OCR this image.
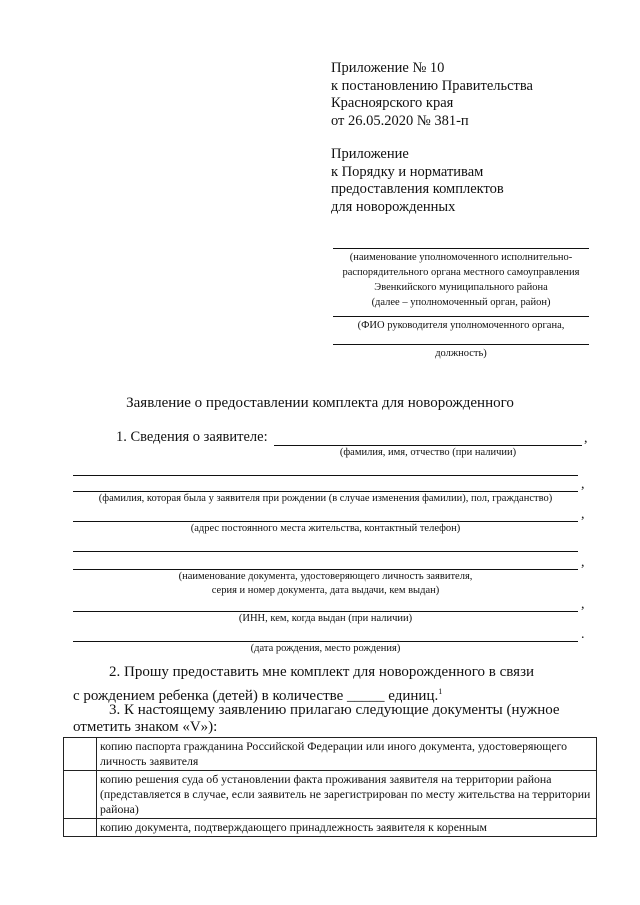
Приложение № 10
к постановлению Правительства
Красноярского края
от 26.05.2020 № 381-п
Приложение
к Порядку и нормативам
предоставления комплектов
для новорожденных
(наименование уполномоченного исполнительно-
распорядительного органа местного самоуправления
Эвенкийского муниципального района
(далее – уполномоченный орган, район)
(ФИО руководителя уполномоченного органа,
должность)
Заявление о предоставлении комплекта для новорожденного
1. Сведения о заявителе:	,
(фамилия, имя, отчество (при наличии)
,
(фамилия, которая была у заявителя при рождении (в случае изменения фамилии), пол, гражданство)
,
(адрес постоянного места жительства, контактный телефон)
,
(наименование документа, удостоверяющего личность заявителя,
серия и номер документа, дата выдачи, кем выдан)
,
(ИНН, кем, когда выдан (при наличии)
.
(дата рождения, место рождения)
2. Прошу предоставить мне комплект для новорожденного в связи
с рождением ребенка (детей) в количестве _____ единиц.$^1$
3. К настоящему заявлению прилагаю следующие документы (нужное
отметить знаком «V»):
	копию паспорта гражданина Российской Федерации или иного документа, удостоверяющего личность заявителя
	копию решения суда об установлении факта проживания заявителя на территории района (представляется в случае, если заявитель не зарегистрирован по месту жительства на территории района)
	копию документа, подтверждающего принадлежность заявителя к коренным
